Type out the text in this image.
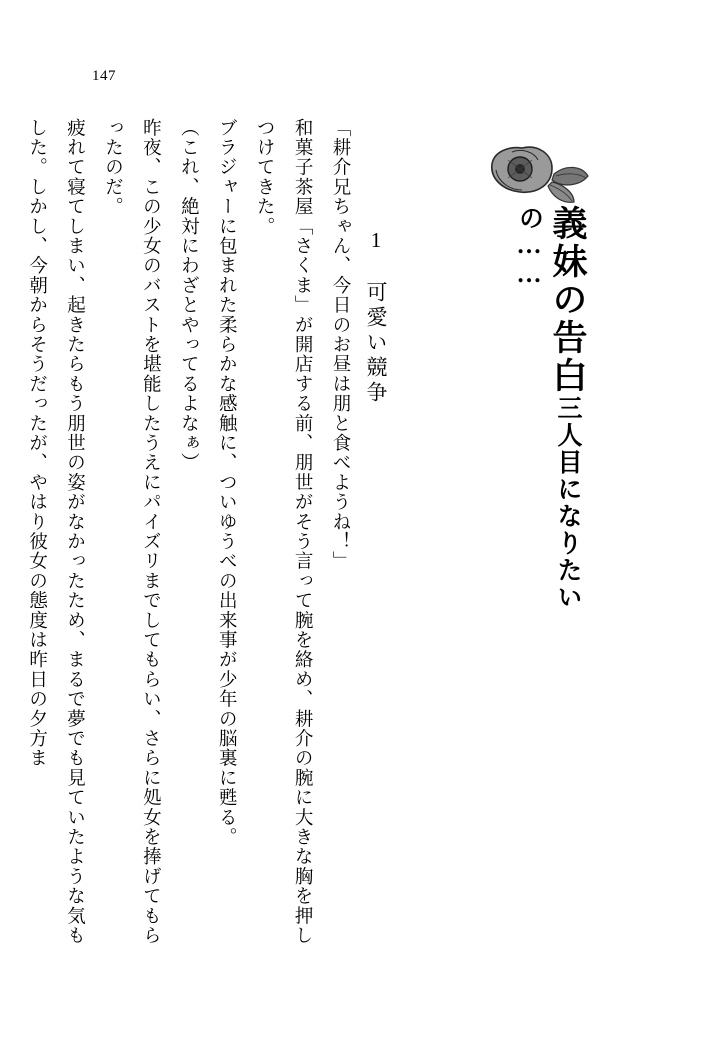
147
義妹の告白三人目になりたいの……
1　可愛い競争

「耕介兄ちゃん、今日のお昼は朋と食べようね！」

和菓子茶屋「さくま」が開店する前、朋世がそう言って腕を絡め、耕介の腕に大きな胸を押しつけてきた。

ブラジャーに包まれた柔らかな感触に、ついゆうべの出来事が少年の脳裏に甦る。

（これ、絶対にわざとやってるよなぁ）

昨夜、この少女のバストを堪能したうえにパイズリまでしてもらい、さらに処女を捧げてもらったのだ。

疲れて寝てしまい、起きたらもう朋世の姿がなかったため、まるで夢でも見ていたような気もした。しかし、今朝からそうだったが、やはり彼女の態度は昨日の夕方ま
